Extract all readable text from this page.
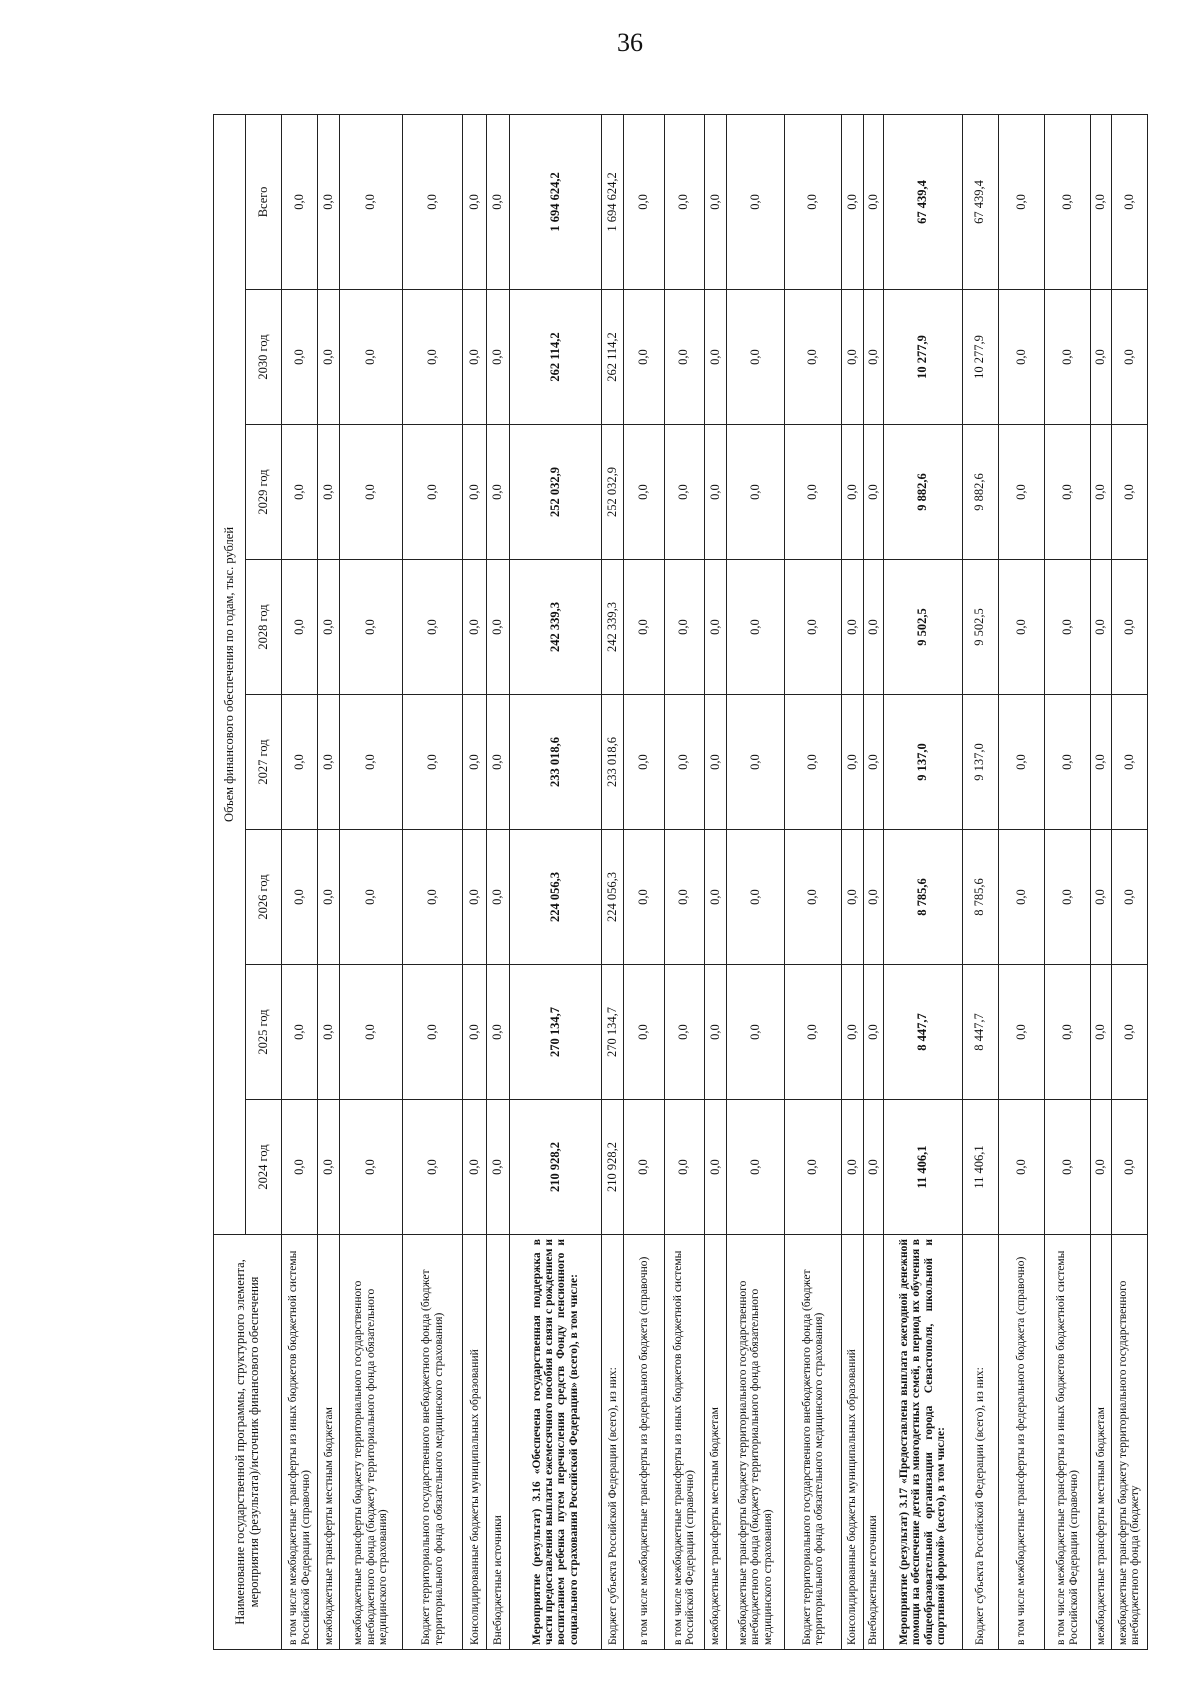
36
Наименование государственной программы, структурного элемента, мероприятия (результата)/источник финансового обеспечения	Объем финансового обеспечения по годам, тыс. рублей							
	2024 год	2025 год	2026 год	2027 год	2028 год	2029 год	2030 год	Всего
в том числе межбюджетные трансферты из иных бюджетов бюджетной системы Российской Федерации (справочно)	0,0	0,0	0,0	0,0	0,0	0,0	0,0	0,0
межбюджетные трансферты местным бюджетам	0,0	0,0	0,0	0,0	0,0	0,0	0,0	0,0
межбюджетные трансферты бюджету территориального государственного внебюджетного фонда (бюджету территориального фонда обязательного медицинского страхования)	0,0	0,0	0,0	0,0	0,0	0,0	0,0	0,0
Бюджет территориального государственного внебюджетного фонда (бюджет территориального фонда обязательного медицинского страхования)	0,0	0,0	0,0	0,0	0,0	0,0	0,0	0,0
Консолидированные бюджеты муниципальных образований	0,0	0,0	0,0	0,0	0,0	0,0	0,0	0,0
Внебюджетные источники	0,0	0,0	0,0	0,0	0,0	0,0	0,0	0,0
Мероприятие (результат) 3.16 «Обеспечена государственная поддержка в части предоставления выплаты ежемесячного пособия в связи с рождением и воспитанием ребенка путем перечисления средств Фонду пенсионного и социального страхования Российской Федерации» (всего), в том числе:	210 928,2	270 134,7	224 056,3	233 018,6	242 339,3	252 032,9	262 114,2	1 694 624,2
Бюджет субъекта Российской Федерации (всего), из них:	210 928,2	270 134,7	224 056,3	233 018,6	242 339,3	252 032,9	262 114,2	1 694 624,2
в том числе межбюджетные трансферты из федерального бюджета (справочно)	0,0	0,0	0,0	0,0	0,0	0,0	0,0	0,0
в том числе межбюджетные трансферты из иных бюджетов бюджетной системы Российской Федерации (справочно)	0,0	0,0	0,0	0,0	0,0	0,0	0,0	0,0
межбюджетные трансферты местным бюджетам	0,0	0,0	0,0	0,0	0,0	0,0	0,0	0,0
межбюджетные трансферты бюджету территориального государственного внебюджетного фонда (бюджету территориального фонда обязательного медицинского страхования)	0,0	0,0	0,0	0,0	0,0	0,0	0,0	0,0
Бюджет территориального государственного внебюджетного фонда (бюджет территориального фонда обязательного медицинского страхования)	0,0	0,0	0,0	0,0	0,0	0,0	0,0	0,0
Консолидированные бюджеты муниципальных образований	0,0	0,0	0,0	0,0	0,0	0,0	0,0	0,0
Внебюджетные источники	0,0	0,0	0,0	0,0	0,0	0,0	0,0	0,0
Мероприятие (результат) 3.17 «Предоставлена выплата ежегодной денежной помощи на обеспечение детей из многодетных семей, в период их обучения в общеобразовательной организации города Севастополя, школьной и спортивной формой» (всего), в том числе:	11 406,1	8 447,7	8 785,6	9 137,0	9 502,5	9 882,6	10 277,9	67 439,4
Бюджет субъекта Российской Федерации (всего), из них:	11 406,1	8 447,7	8 785,6	9 137,0	9 502,5	9 882,6	10 277,9	67 439,4
в том числе межбюджетные трансферты из федерального бюджета (справочно)	0,0	0,0	0,0	0,0	0,0	0,0	0,0	0,0
в том числе межбюджетные трансферты из иных бюджетов бюджетной системы Российской Федерации (справочно)	0,0	0,0	0,0	0,0	0,0	0,0	0,0	0,0
межбюджетные трансферты местным бюджетам	0,0	0,0	0,0	0,0	0,0	0,0	0,0	0,0
межбюджетные трансферты бюджету территориального государственного внебюджетного фонда (бюджету	0,0	0,0	0,0	0,0	0,0	0,0	0,0	0,0
